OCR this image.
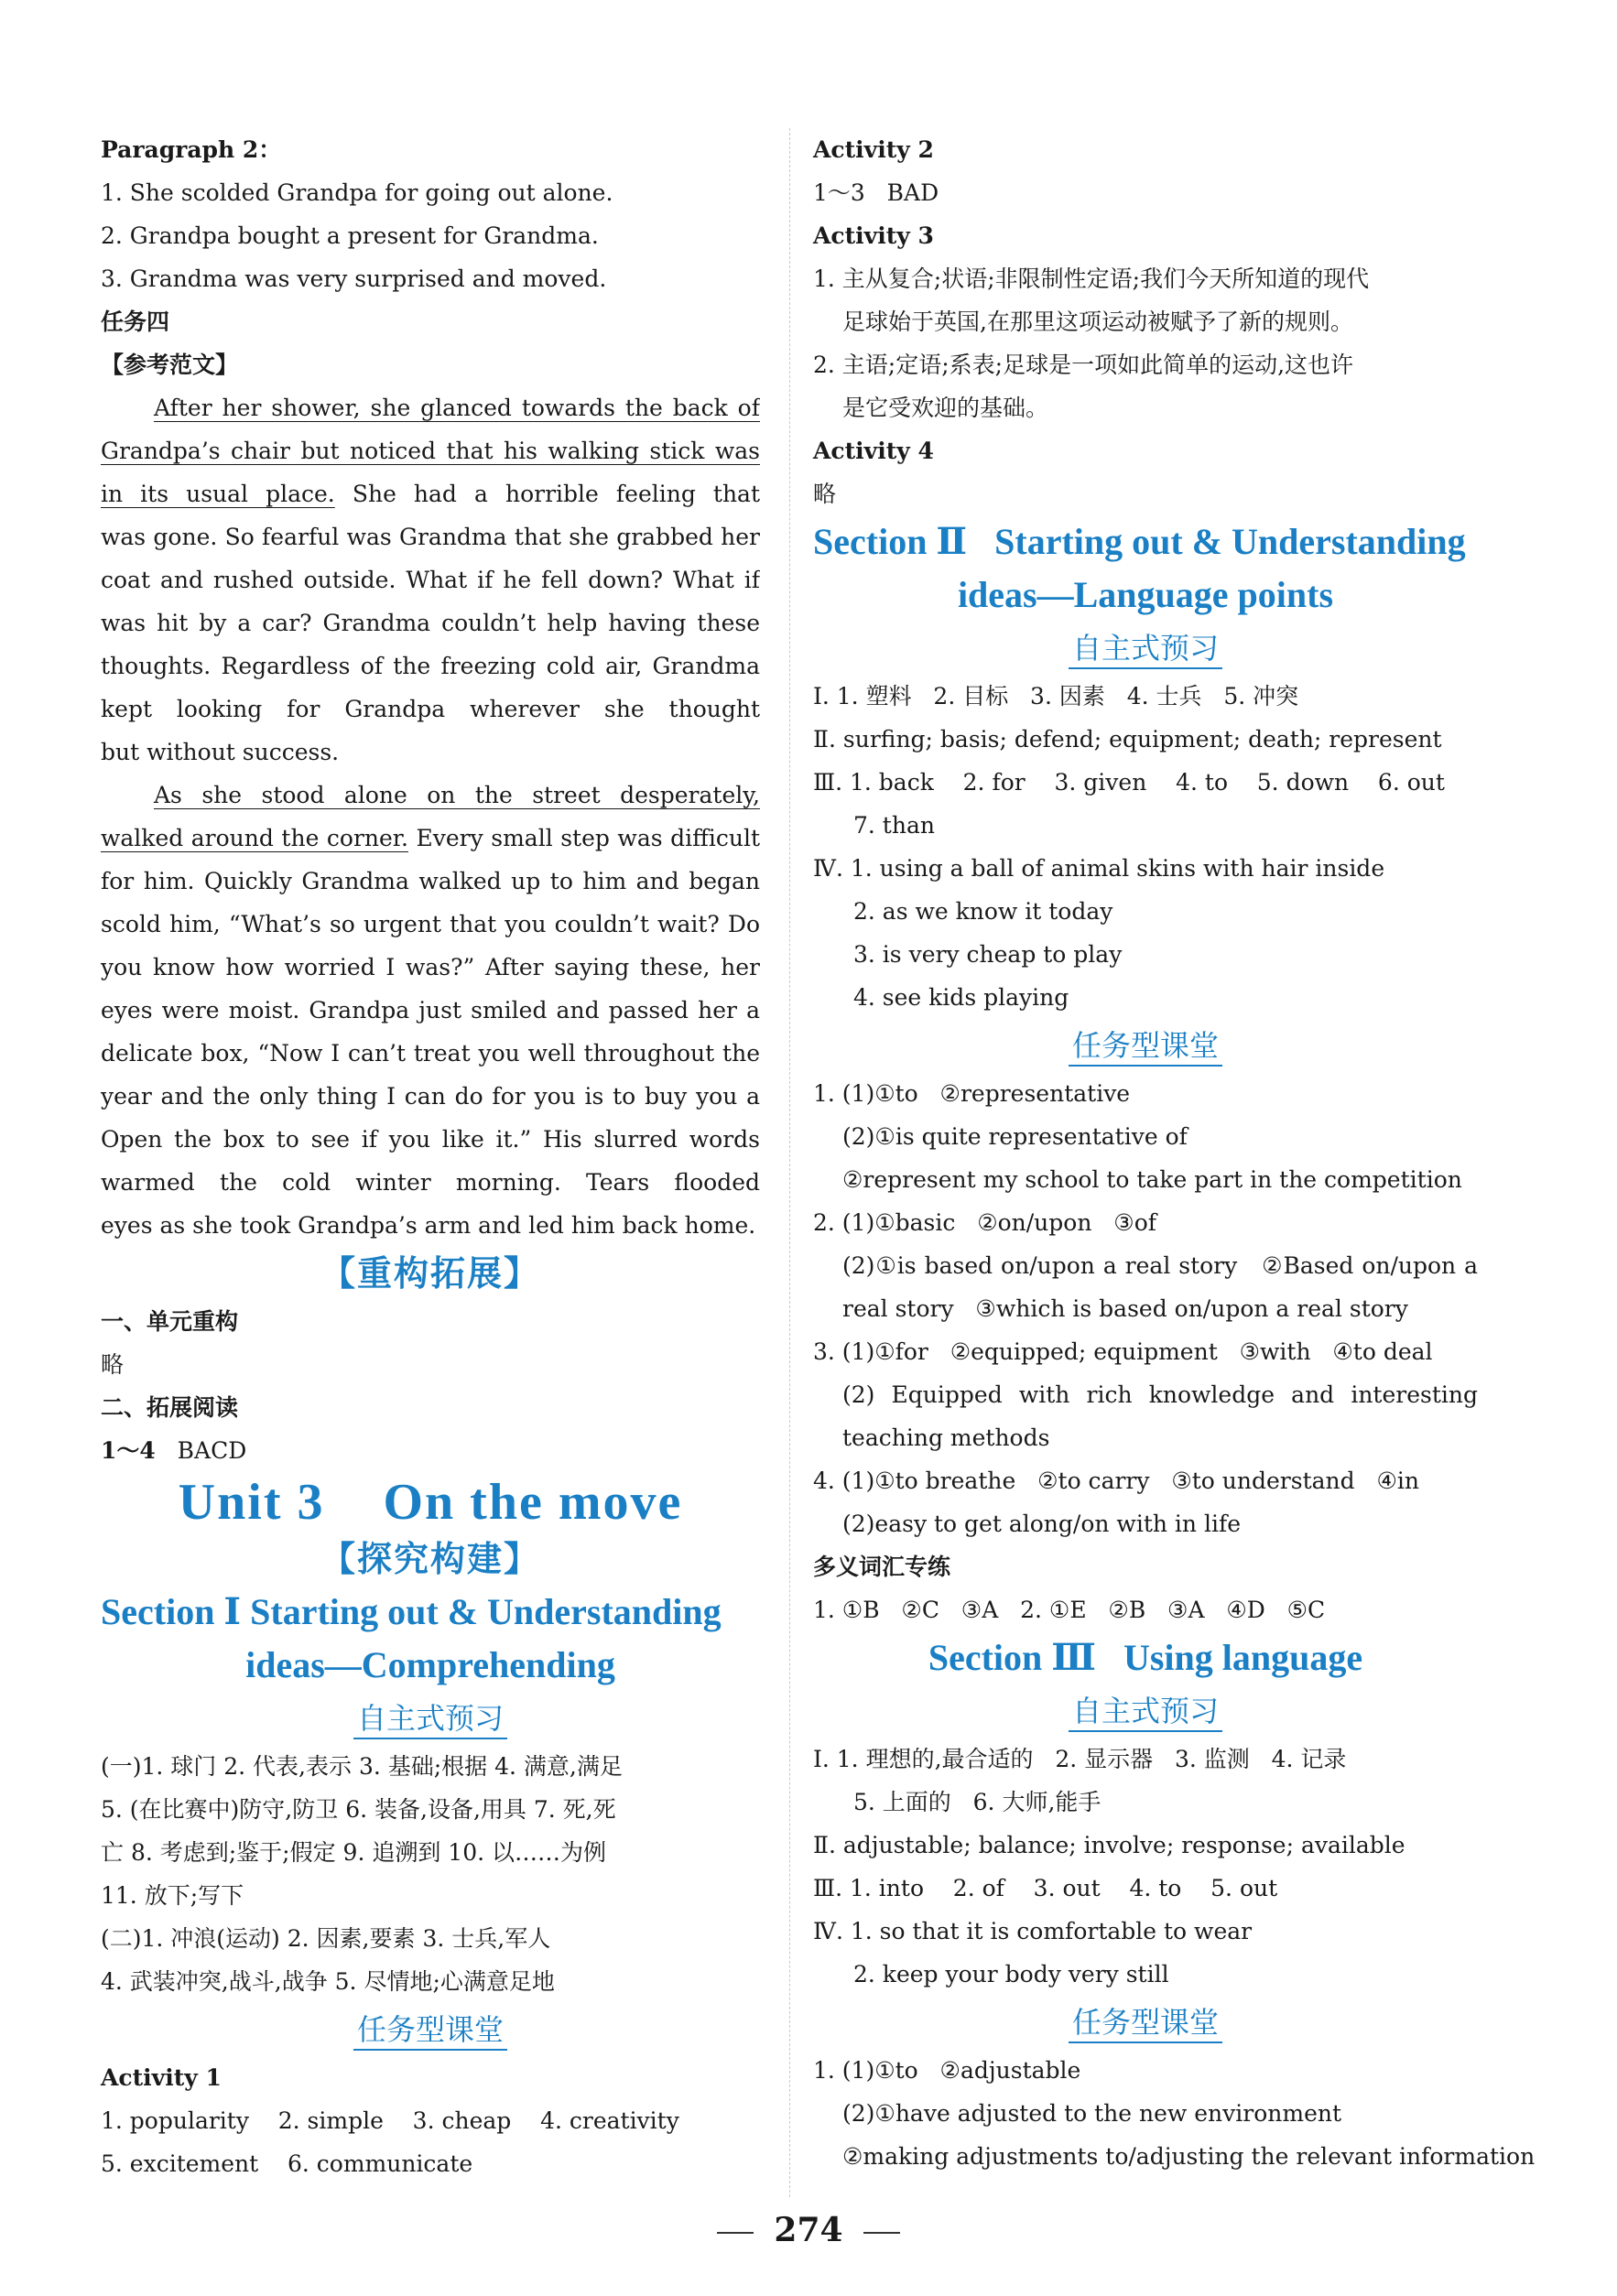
Paragraph 2：
1. She scolded Grandpa for going out alone.
2. Grandpa bought a present for Grandma.
3. Grandma was very surprised and moved.
任务四
【参考范文】
After her shower, she glanced towards the back of
Grandpa’s chair but noticed that his walking stick was
in its usual place. She had a horrible feeling that
was gone. So fearful was Grandma that she grabbed her
coat and rushed outside. What if he fell down? What if
was hit by a car? Grandma couldn’t help having these
thoughts. Regardless of the freezing cold air, Grandma
kept looking for Grandpa wherever she thought
but without success.
As she stood alone on the street desperately,
walked around the corner. Every small step was difficult
for him. Quickly Grandma walked up to him and began
scold him, “What’s so urgent that you couldn’t wait? Do
you know how worried I was?” After saying these, her
eyes were moist. Grandpa just smiled and passed her a
delicate box, “Now I can’t treat you well throughout the
year and the only thing I can do for you is to buy you a
Open the box to see if you like it.” His slurred words
warmed the cold winter morning. Tears flooded
eyes as she took Grandpa’s arm and led him back home.
【重构拓展】
一、单元重构
略
二、拓展阅读
1～4 BACD
Unit 3    On the move
【探究构建】
Section Ⅰ Starting out & Understanding
ideas—Comprehending
自主式预习
(一)1. 球门 2. 代表,表示 3. 基础;根据 4. 满意,满足
5. (在比赛中)防守,防卫 6. 装备,设备,用具 7. 死,死
亡 8. 考虑到;鉴于;假定 9. 追溯到 10. 以……为例
11. 放下;写下
(二)1. 冲浪(运动) 2. 因素,要素 3. 士兵,军人
4. 武装冲突,战斗,战争 5. 尽情地;心满意足地
任务型课堂
Activity 1
1. popularity    2. simple    3. cheap    4. creativity
5. excitement    6. communicate
Activity 2
1～3   BAD
Activity 3
1. 主从复合;状语;非限制性定语;我们今天所知道的现代
足球始于英国,在那里这项运动被赋予了新的规则。
2. 主语;定语;系表;足球是一项如此简单的运动,这也许
是它受欢迎的基础。
Activity 4
略
Section Ⅱ   Starting out & Understanding
ideas—Language points
自主式预习
Ⅰ. 1. 塑料   2. 目标   3. 因素   4. 士兵   5. 冲突
Ⅱ. surfing; basis; defend; equipment; death; represent
Ⅲ. 1. back    2. for    3. given    4. to    5. down    6. out
7. than
Ⅳ. 1. using a ball of animal skins with hair inside
2. as we know it today
3. is very cheap to play
4. see kids playing
任务型课堂
1. (1)①to   ②representative
(2)①is quite representative of
②represent my school to take part in the competition
2. (1)①basic   ②on/upon   ③of
(2)①is based on/upon a real story   ②Based on/upon a
real story   ③which is based on/upon a real story
3. (1)①for   ②equipped; equipment   ③with   ④to deal
(2) Equipped with rich knowledge and interesting
teaching methods
4. (1)①to breathe   ②to carry   ③to understand   ④in
(2)easy to get along/on with in life
多义词汇专练
1. ①B   ②C   ③A   2. ①E   ②B   ③A   ④D   ⑤C
Section Ⅲ   Using language
自主式预习
Ⅰ. 1. 理想的,最合适的   2. 显示器   3. 监测   4. 记录
5. 上面的   6. 大师,能手
Ⅱ. adjustable; balance; involve; response; available
Ⅲ. 1. into    2. of    3. out    4. to    5. out
Ⅳ. 1. so that it is comfortable to wear
2. keep your body very still
任务型课堂
1. (1)①to   ②adjustable
(2)①have adjusted to the new environment
②making adjustments to/adjusting the relevant information
274
